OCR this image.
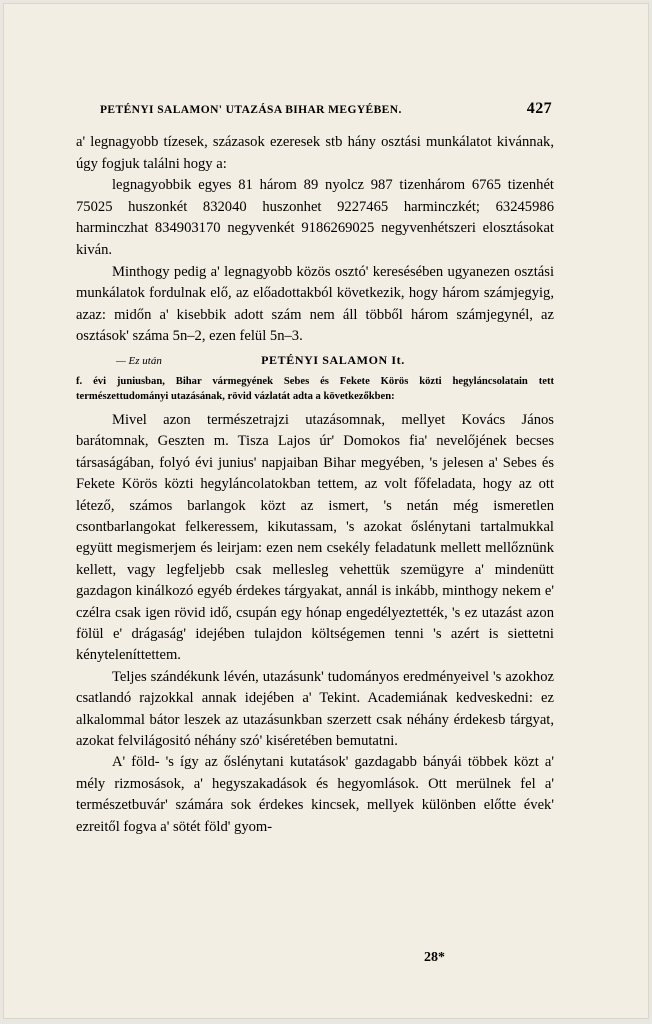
PETÉNYI SALAMON' UTAZÁSA BIHAR MEGYÉBEN.	427

a' legnagyobb tízesek, százasok ezeresek stb hány osztási munkálatot kivánnak, úgy fogjuk találni hogy a:

legnagyobbik egyes 81 három 89 nyolcz 987 tizenhárom 6765 tizenhét 75025 huszonkét 832040 huszonhet 9227465 harminczkét; 63245986 harminczhat 834903170 negyvenkét 9186269025 negyvenhétszeri elosztásokat kiván.

Minthogy pedig a' legnagyobb közös osztó' keresésében ugyanezen osztási munkálatok fordulnak elő, az előadottakból következik, hogy három számjegyig, azaz: midőn a' kisebbik adott szám nem áll többől három számjegynél, az osztások' száma 5n–2, ezen felül 5n–3.

— Ez után	PETÉNYI SALAMON It.
f. évi juniusban, Bihar vármegyének Sebes és Fekete Körös közti hegyláncsolatain tett természettudományi utazásának, rövid vázlatát adta a következőkben:

Mivel azon természetrajzi utazásomnak, mellyet Kovács János barátomnak, Geszten m. Tisza Lajos úr' Domokos fia' nevelőjének becses társaságában, folyó évi junius' napjaiban Bihar megyében, 's jelesen a' Sebes és Fekete Körös közti hegyláncolatokban tettem, az volt főfeladata, hogy az ott létező, számos barlangok közt az ismert, 's netán még ismeretlen csontbarlangokat felkeressem, kikutassam, 's azokat őslénytani tartalmukkal együtt megismerjem és leirjam: ezen nem csekély feladatunk mellett mellőznünk kellett, vagy legfeljebb csak mellesleg vehettük szemügyre a' mindenütt gazdagon kinálkozó egyéb érdekes tárgyakat, annál is inkább, minthogy nekem e' czélra csak igen rövid idő, csupán egy hónap engedélyeztették, 's ez utazást azon fölül e' drágaság' idejében tulajdon költségemen tenni 's azért is siettetni kényteleníttettem.

Teljes szándékunk lévén, utazásunk' tudományos eredményeivel 's azokhoz csatlandó rajzokkal annak idejében a' Tekint. Academiának kedveskedni: ez alkalommal bátor leszek az utazásunkban szerzett csak néhány érdekesb tárgyat, azokat felvilágositó néhány szó' kiséretében bemutatni.

A' föld- 's így az őslénytani kutatások' gazdagabb bányái többek közt a' mély rizmosások, a' hegyszakadások és hegyomlások. Ott merülnek fel a' természetbuvár' számára sok érdekes kincsek, mellyek különben előtte évek' ezreitől fogva a' sötét föld' gyom-

28*
